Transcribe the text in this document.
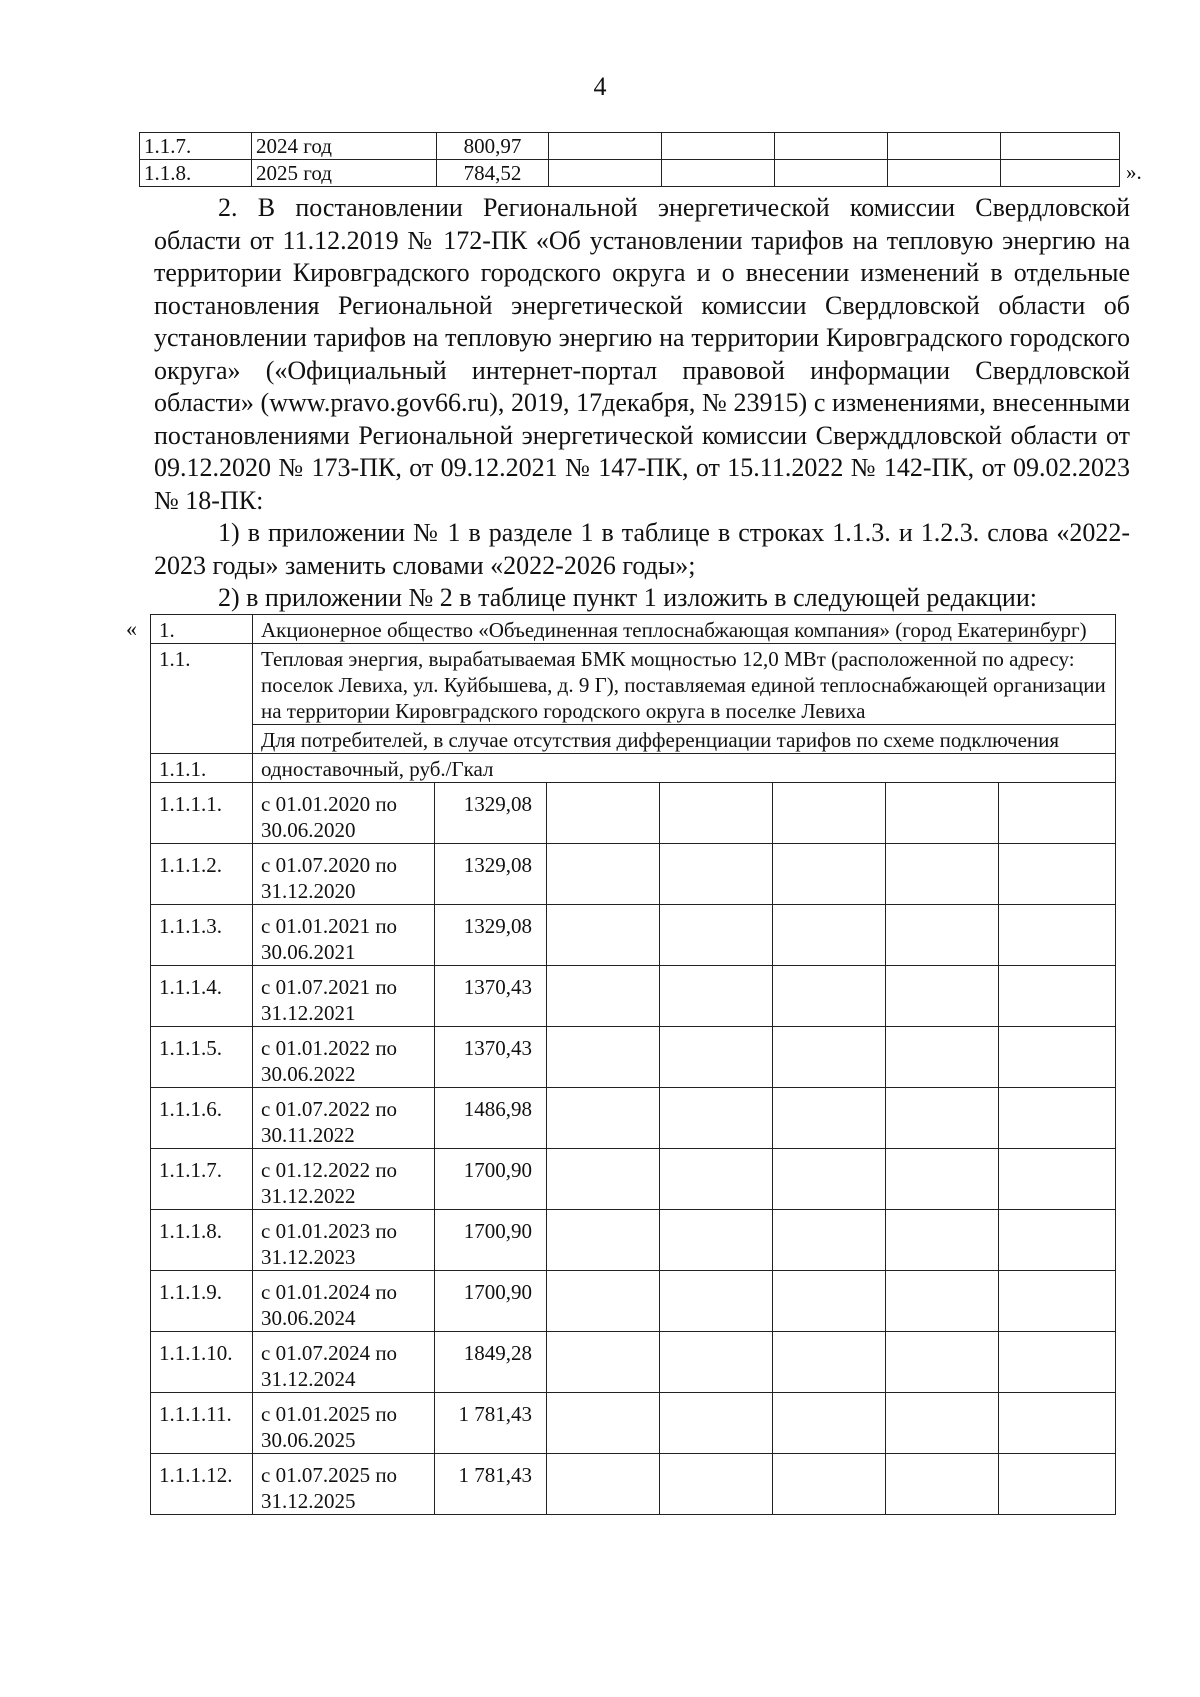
4
1.1.7.	2024 год	800,97					
1.1.8.	2025 год	784,52						».

2. В постановлении Региональной энергетической комиссии Свердловской области от 11.12.2019 № 172-ПК «Об установлении тарифов на тепловую энергию на территории Кировградского городского округа и о внесении изменений в отдельные постановления Региональной энергетической комиссии Свердловской области об установлении тарифов на тепловую энергию на территории Кировградского городского округа» («Официальный интернет-портал правовой информации Свердловской области» (www.pravo.gov66.ru), 2019, 17декабря, № 23915) с изменениями, внесенными постановлениями Региональной энергетической комиссии Свержддловской области от 09.12.2020 № 173-ПК, от 09.12.2021 № 147-ПК, от 15.11.2022 № 142-ПК, от 09.02.2023 № 18-ПК:

1) в приложении № 1 в разделе 1 в таблице в строках 1.1.3. и 1.2.3. слова «2022-2023 годы» заменить словами «2022-2026 годы»;

2) в приложении № 2 в таблице пункт 1 изложить в следующей редакции:

« 1.	Акционерное общество «Объединенная теплоснабжающая компания» (город Екатеринбург)						
1.1.	Тепловая энергия, вырабатываемая БМК мощностью 12,0 МВт (расположенной по адресу: поселок Левиха, ул. Куйбышева, д. 9 Г), поставляемая единой теплоснабжающей организации на территории Кировградского городского округа в поселке Левиха						
	Для потребителей, в случае отсутствия дифференциации тарифов по схеме подключения						
1.1.1.	одноставочный, руб./Гкал						
1.1.1.1.	с 01.01.2020 по 30.06.2020	1329,08					
1.1.1.2.	с 01.07.2020 по 31.12.2020	1329,08					
1.1.1.3.	с 01.01.2021 по 30.06.2021	1329,08					
1.1.1.4.	с 01.07.2021 по 31.12.2021	1370,43					
1.1.1.5.	с 01.01.2022 по 30.06.2022	1370,43					
1.1.1.6.	с 01.07.2022 по 30.11.2022	1486,98					
1.1.1.7.	с 01.12.2022 по 31.12.2022	1700,90					
1.1.1.8.	с 01.01.2023 по 31.12.2023	1700,90					
1.1.1.9.	с 01.01.2024 по 30.06.2024	1700,90					
1.1.1.10.	с 01.07.2024 по 31.12.2024	1849,28					
1.1.1.11.	с 01.01.2025 по 30.06.2025	1 781,43					
1.1.1.12.	с 01.07.2025 по 31.12.2025	1 781,43					
